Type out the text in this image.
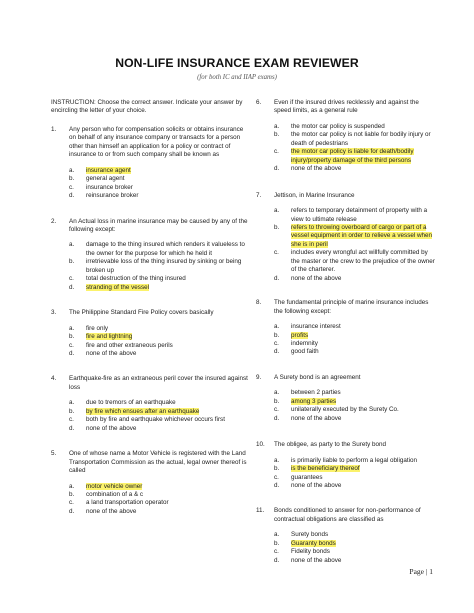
NON-LIFE INSURANCE EXAM REVIEWER
(for both IC and IIAP exams)
INSTRUCTION: Choose the correct answer. Indicate your answer by encircling the letter of your choice.
1. Any person who for compensation solicits or obtains insurance on behalf of any insurance company or transacts for a person other than himself an application for a policy or contract of insurance to or from such company shall be known as
a. insurance agent
b. general agent
c. insurance broker
d. reinsurance broker
2. An Actual loss in marine insurance may be caused by any of the following except:
a. damage to the thing insured which renders it valueless to the owner for the purpose for which he held it
b. irretrievable loss of the thing insured by sinking or being broken up
c. total destruction of the thing insured
d. stranding of the vessel
3. The Philippine Standard Fire Policy covers basically
a. fire only
b. fire and lightning
c. fire and other extraneous perils
d. none of the above
4. Earthquake-fire as an extraneous peril cover the insured against loss
a. due to tremors of an earthquake
b. by fire which ensues after an earthquake
c. both by fire and earthquake whichever occurs first
d. none of the above
5. One of whose name a Motor Vehicle is registered with the Land Transportation Commission as the actual, legal owner thereof is called
a. motor vehicle owner
b. combination of a & c
c. a land transportation operator
d. none of the above
6. Even if the insured drives recklessly and against the speed limits, as a general rule
a. the motor car policy is suspended
b. the motor car policy is not liable for bodily injury or death of pedestrians
c. the motor car policy is liable for death/bodily injury/property damage of the third persons
d. none of the above
7. Jettison, in Marine Insurance
a. refers to temporary detainment of property with a view to ultimate release
b. refers to throwing overboard of cargo or part of a vessel equipment in order to relieve a vessel when she is in peril
c. includes every wrongful act willfully committed by the master or the crew to the prejudice of the owner of the charterer.
d. none of the above
8. The fundamental principle of marine insurance includes the following except:
a. insurance interest
b. profits
c. indemnity
d. good faith
9. A Surety bond is an agreement
a. between 2 parties
b. among 3 parties
c. unilaterally executed by the Surety Co.
d. none of the above
10. The obligee, as party to the Surety bond
a. is primarily liable to perform a legal obligation
b. is the beneficiary thereof
c. guarantees
d. none of the above
11. Bonds conditioned to answer for non-performance of contractual obligations are classified as
a. Surety bonds
b. Guaranty bonds
c. Fidelity bonds
d. none of the above
Page | 1
